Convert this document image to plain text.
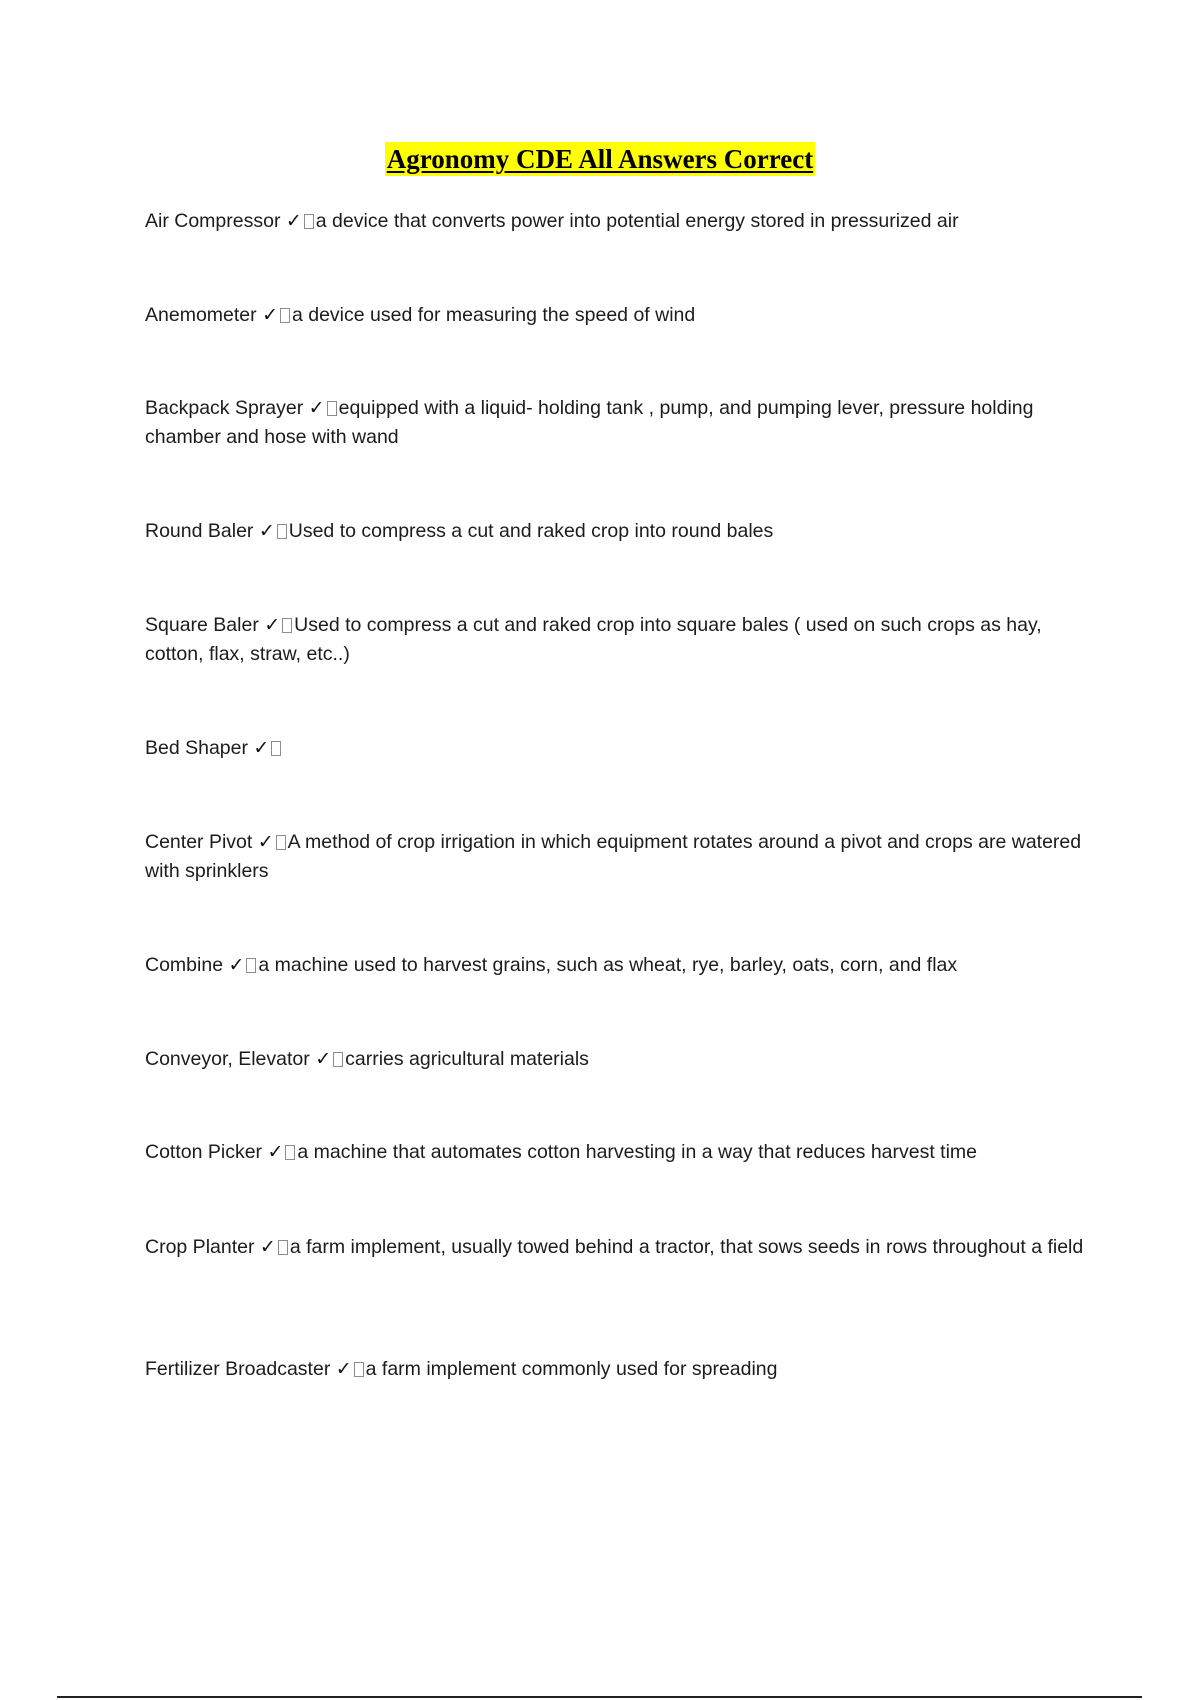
Agronomy CDE All Answers Correct
Air Compressor ✓ a device that converts power into potential energy stored in pressurized air
Anemometer ✓ a device used for measuring the speed of wind
Backpack Sprayer ✓ equipped with a liquid- holding tank , pump, and pumping lever, pressure holding chamber and hose with wand
Round Baler ✓ Used to compress a cut and raked crop into round bales
Square Baler ✓ Used to compress a cut and raked crop into square bales ( used on such crops as hay, cotton, flax, straw, etc..)
Bed Shaper ✓
Center Pivot ✓ A method of crop irrigation in which equipment rotates around a pivot and crops are watered with sprinklers
Combine ✓ a machine used to harvest grains, such as wheat, rye, barley, oats, corn, and flax
Conveyor, Elevator ✓ carries agricultural materials
Cotton Picker ✓ a machine that automates cotton harvesting in a way that reduces harvest time
Crop Planter ✓ a farm implement, usually towed behind a tractor, that sows seeds in rows throughout a field
Fertilizer Broadcaster ✓ a farm implement commonly used for spreading
